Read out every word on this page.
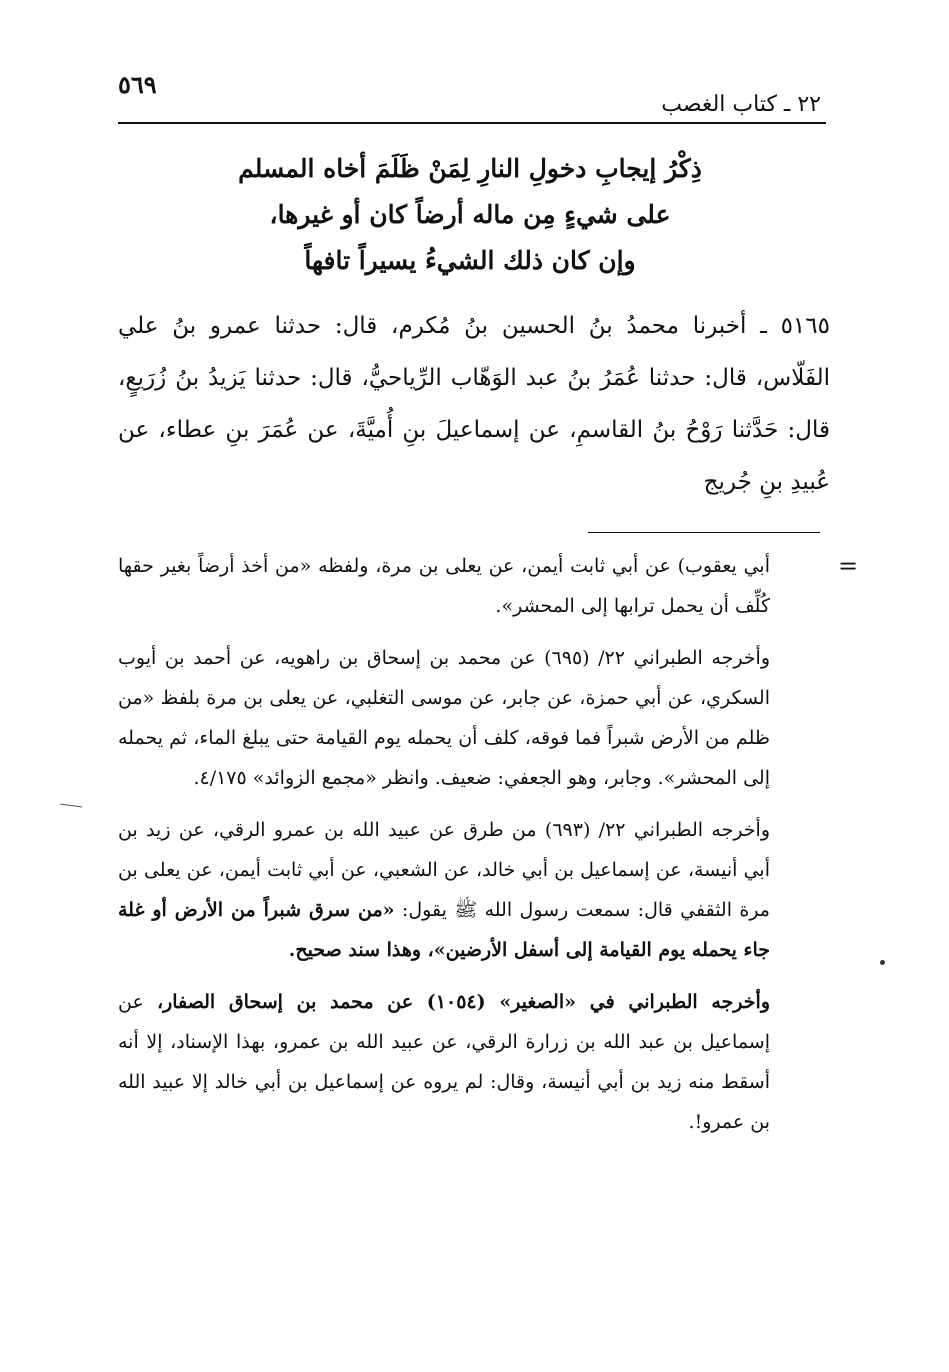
٥٦٩
٢٢ ـ كتاب الغصب
ذِكْرُ إيجابِ دخولِ النارِ لِمَنْ ظَلَمَ أخاه المسلم
على شيءٍ مِن ماله أرضاً كان أو غيرها،
وإن كان ذلك الشيءُ يسيراً تافهاً
٥١٦٥ ـ أخبرنا محمدُ بنُ الحسين بنُ مُكرم، قال: حدثنا عمرو بنُ علي الفَلّاس، قال: حدثنا عُمَرُ بنُ عبد الوَهّاب الرِّياحيُّ، قال: حدثنا يَزيدُ بنُ زُرَيعٍ، قال: حَدَّثنا رَوْحُ بنُ القاسمِ، عن إسماعيلَ بنِ أُميَّةَ، عن عُمَرَ بنِ عطاء، عن عُبيدِ بنِ جُريج
=

أبي يعقوب) عن أبي ثابت أيمن، عن يعلى بن مرة، ولفظه «من أخذ أرضاً بغير حقها كُلِّف أن يحمل ترابها إلى المحشر».

وأخرجه الطبراني ٢٢/ (٦٩٥) عن محمد بن إسحاق بن راهويه، عن أحمد بن أيوب السكري، عن أبي حمزة، عن جابر، عن موسى التغلبي، عن يعلى بن مرة بلفظ «من ظلم من الأرض شبراً فما فوقه، كلف أن يحمله يوم القيامة حتى يبلغ الماء، ثم يحمله إلى المحشر». وجابر، وهو الجعفي: ضعيف. وانظر «مجمع الزوائد» ٤/١٧٥.

وأخرجه الطبراني ٢٢/ (٦٩٣) من طرق عن عبيد الله بن عمرو الرقي، عن زيد بن أبي أنيسة، عن إسماعيل بن أبي خالد، عن الشعبي، عن أبي ثابت أيمن، عن يعلى بن مرة الثقفي قال: سمعت رسول الله ﷺ يقول: «من سرق شبراً من الأرض أو غلة جاء يحمله يوم القيامة إلى أسفل الأرضين»، وهذا سند صحيح.

وأخرجه الطبراني في «الصغير» (١٠٥٤) عن محمد بن إسحاق الصفار، عن إسماعيل بن عبد الله بن زرارة الرقي، عن عبيد الله بن عمرو، بهذا الإسناد، إلا أنه أسقط منه زيد بن أبي أنيسة، وقال: لم يروه عن إسماعيل بن أبي خالد إلا عبيد الله بن عمرو!.
